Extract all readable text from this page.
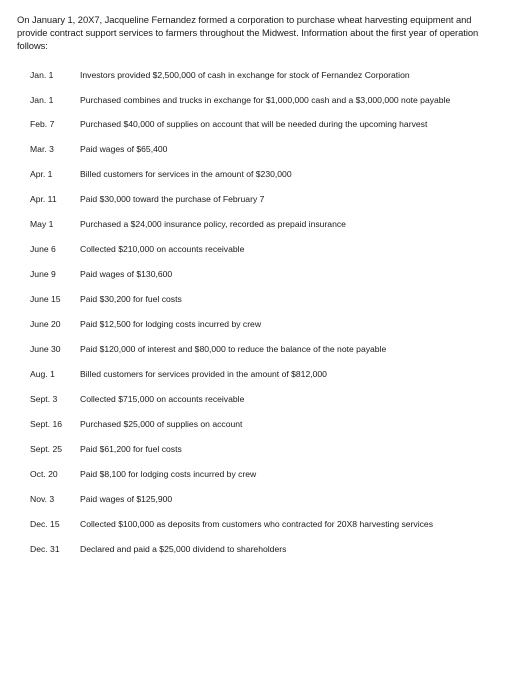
On January 1, 20X7, Jacqueline Fernandez formed a corporation to purchase wheat harvesting equipment and provide contract support services to farmers throughout the Midwest. Information about the first year of operation follows:

Jan. 1	Investors provided $2,500,000 of cash in exchange for stock of Fernandez Corporation
Jan. 1	Purchased combines and trucks in exchange for $1,000,000 cash and a $3,000,000 note payable
Feb. 7	Purchased $40,000 of supplies on account that will be needed during the upcoming harvest
Mar. 3	Paid wages of $65,400
Apr. 1	Billed customers for services in the amount of $230,000
Apr. 11	Paid $30,000 toward the purchase of February 7
May 1	Purchased a $24,000 insurance policy, recorded as prepaid insurance
June 6	Collected $210,000 on accounts receivable
June 9	Paid wages of $130,600
June 15	Paid $30,200 for fuel costs
June 20	Paid $12,500 for lodging costs incurred by crew
June 30	Paid $120,000 of interest and $80,000 to reduce the balance of the note payable
Aug. 1	Billed customers for services provided in the amount of $812,000
Sept. 3	Collected $715,000 on accounts receivable
Sept. 16	Purchased $25,000 of supplies on account
Sept. 25	Paid $61,200 for fuel costs
Oct. 20	Paid $8,100 for lodging costs incurred by crew
Nov. 3	Paid wages of $125,900
Dec. 15	Collected $100,000 as deposits from customers who contracted for 20X8 harvesting services
Dec. 31	Declared and paid a $25,000 dividend to shareholders
